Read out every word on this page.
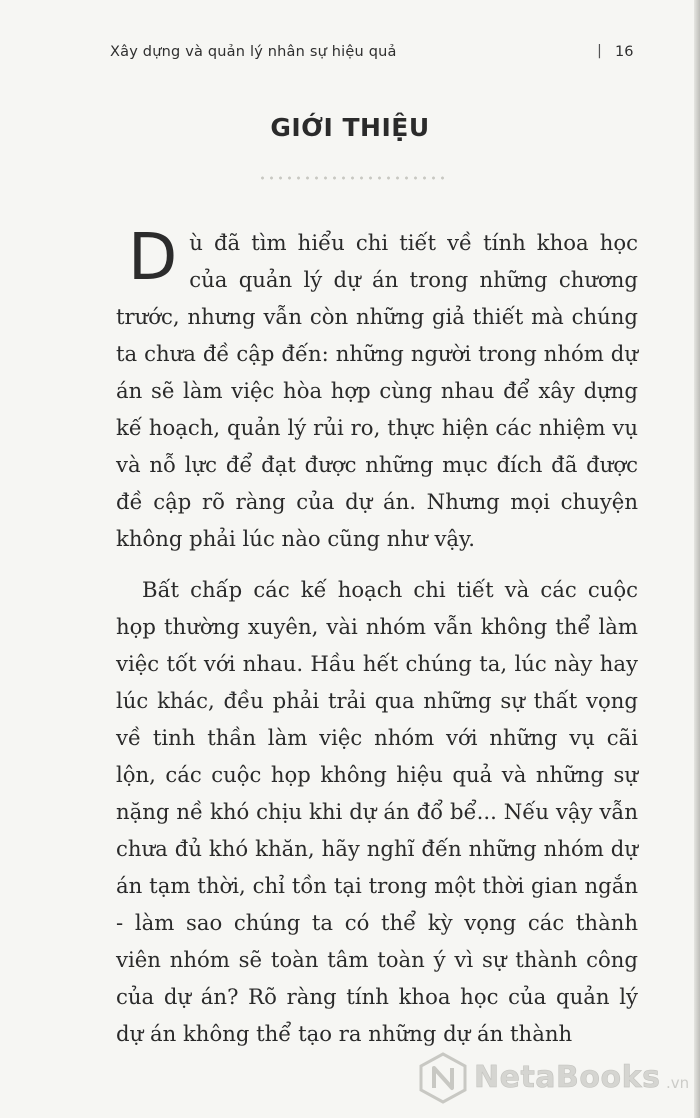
Xây dựng và quản lý nhân sự hiệu quả	| 16
GIỚI THIỆU

Dù đã tìm hiểu chi tiết về tính khoa học của quản lý dự án trong những chương trước, nhưng vẫn còn những giả thiết mà chúng ta chưa đề cập đến: những người trong nhóm dự án sẽ làm việc hòa hợp cùng nhau để xây dựng kế hoạch, quản lý rủi ro, thực hiện các nhiệm vụ và nỗ lực để đạt được những mục đích đã được đề cập rõ ràng của dự án. Nhưng mọi chuyện không phải lúc nào cũng như vậy.

Bất chấp các kế hoạch chi tiết và các cuộc họp thường xuyên, vài nhóm vẫn không thể làm việc tốt với nhau. Hầu hết chúng ta, lúc này hay lúc khác, đều phải trải qua những sự thất vọng về tinh thần làm việc nhóm với những vụ cãi lộn, các cuộc họp không hiệu quả và những sự nặng nề khó chịu khi dự án đổ bể... Nếu vậy vẫn chưa đủ khó khăn, hãy nghĩ đến những nhóm dự án tạm thời, chỉ tồn tại trong một thời gian ngắn - làm sao chúng ta có thể kỳ vọng các thành viên nhóm sẽ toàn tâm toàn ý vì sự thành công của dự án? Rõ ràng tính khoa học của quản lý dự án không thể tạo ra những dự án thành

NetaBooks .vn
